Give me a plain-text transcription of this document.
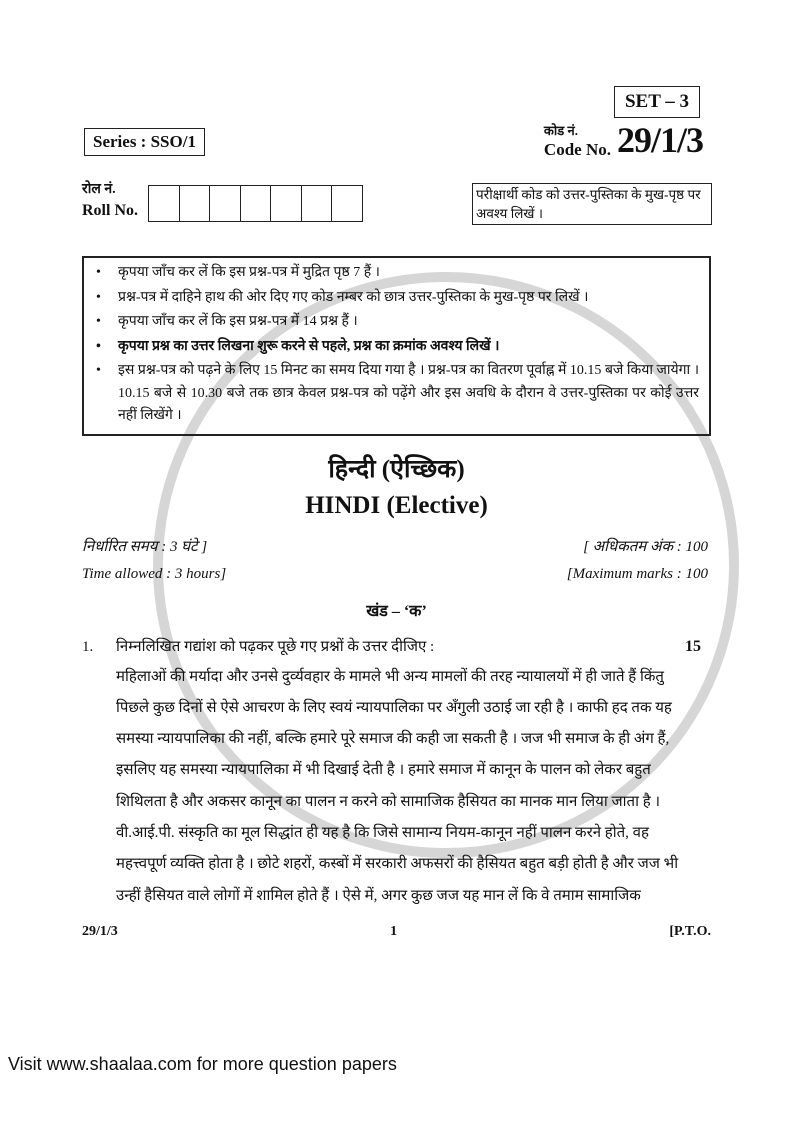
SET – 3
Series : SSO/1
कोड नं.
Code No. 29/1/3
रोल नं.
Roll No.
परीक्षार्थी कोड को उत्तर-पुस्तिका के मुख-पृष्ठ पर अवश्य लिखें ।
• कृपया जाँच कर लें कि इस प्रश्न-पत्र में मुद्रित पृष्ठ 7 हैं ।
• प्रश्न-पत्र में दाहिने हाथ की ओर दिए गए कोड नम्बर को छात्र उत्तर-पुस्तिका के मुख-पृष्ठ पर लिखें ।
• कृपया जाँच कर लें कि इस प्रश्न-पत्र में 14 प्रश्न हैं ।
• कृपया प्रश्न का उत्तर लिखना शुरू करने से पहले, प्रश्न का क्रमांक अवश्य लिखें ।
• इस प्रश्न-पत्र को पढ़ने के लिए 15 मिनट का समय दिया गया है । प्रश्न-पत्र का वितरण पूर्वाह्न में 10.15 बजे किया जायेगा । 10.15 बजे से 10.30 बजे तक छात्र केवल प्रश्न-पत्र को पढ़ेंगे और इस अवधि के दौरान वे उत्तर-पुस्तिका पर कोई उत्तर नहीं लिखेंगे ।
हिन्दी (ऐच्छिक)
HINDI (Elective)
निर्धारित समय : 3 घंटे ]	[ अधिकतम अंक : 100
Time allowed : 3 hours]	[Maximum marks : 100
खंड – ‘क’
1.	निम्नलिखित गद्यांश को पढ़कर पूछे गए प्रश्नों के उत्तर दीजिए :	15
महिलाओं की मर्यादा और उनसे दुर्व्यवहार के मामले भी अन्य मामलों की तरह न्यायालयों में ही जाते हैं किंतु
पिछले कुछ दिनों से ऐसे आचरण के लिए स्वयं न्यायपालिका पर अँगुली उठाई जा रही है । काफी हद तक यह
समस्या न्यायपालिका की नहीं, बल्कि हमारे पूरे समाज की कही जा सकती है । जज भी समाज के ही अंग हैं,
इसलिए यह समस्या न्यायपालिका में भी दिखाई देती है । हमारे समाज में कानून के पालन को लेकर बहुत
शिथिलता है और अकसर कानून का पालन न करने को सामाजिक हैसियत का मानक मान लिया जाता है ।
वी.आई.पी. संस्कृति का मूल सिद्धांत ही यह है कि जिसे सामान्य नियम-कानून नहीं पालन करने होते, वह
महत्त्वपूर्ण व्यक्ति होता है । छोटे शहरों, कस्बों में सरकारी अफसरों की हैसियत बहुत बड़ी होती है और जज भी
उन्हीं हैसियत वाले लोगों में शामिल होते हैं । ऐसे में, अगर कुछ जज यह मान लें कि वे तमाम सामाजिक
29/1/3	1	[P.T.O.
Visit www.shaalaa.com for more question papers
